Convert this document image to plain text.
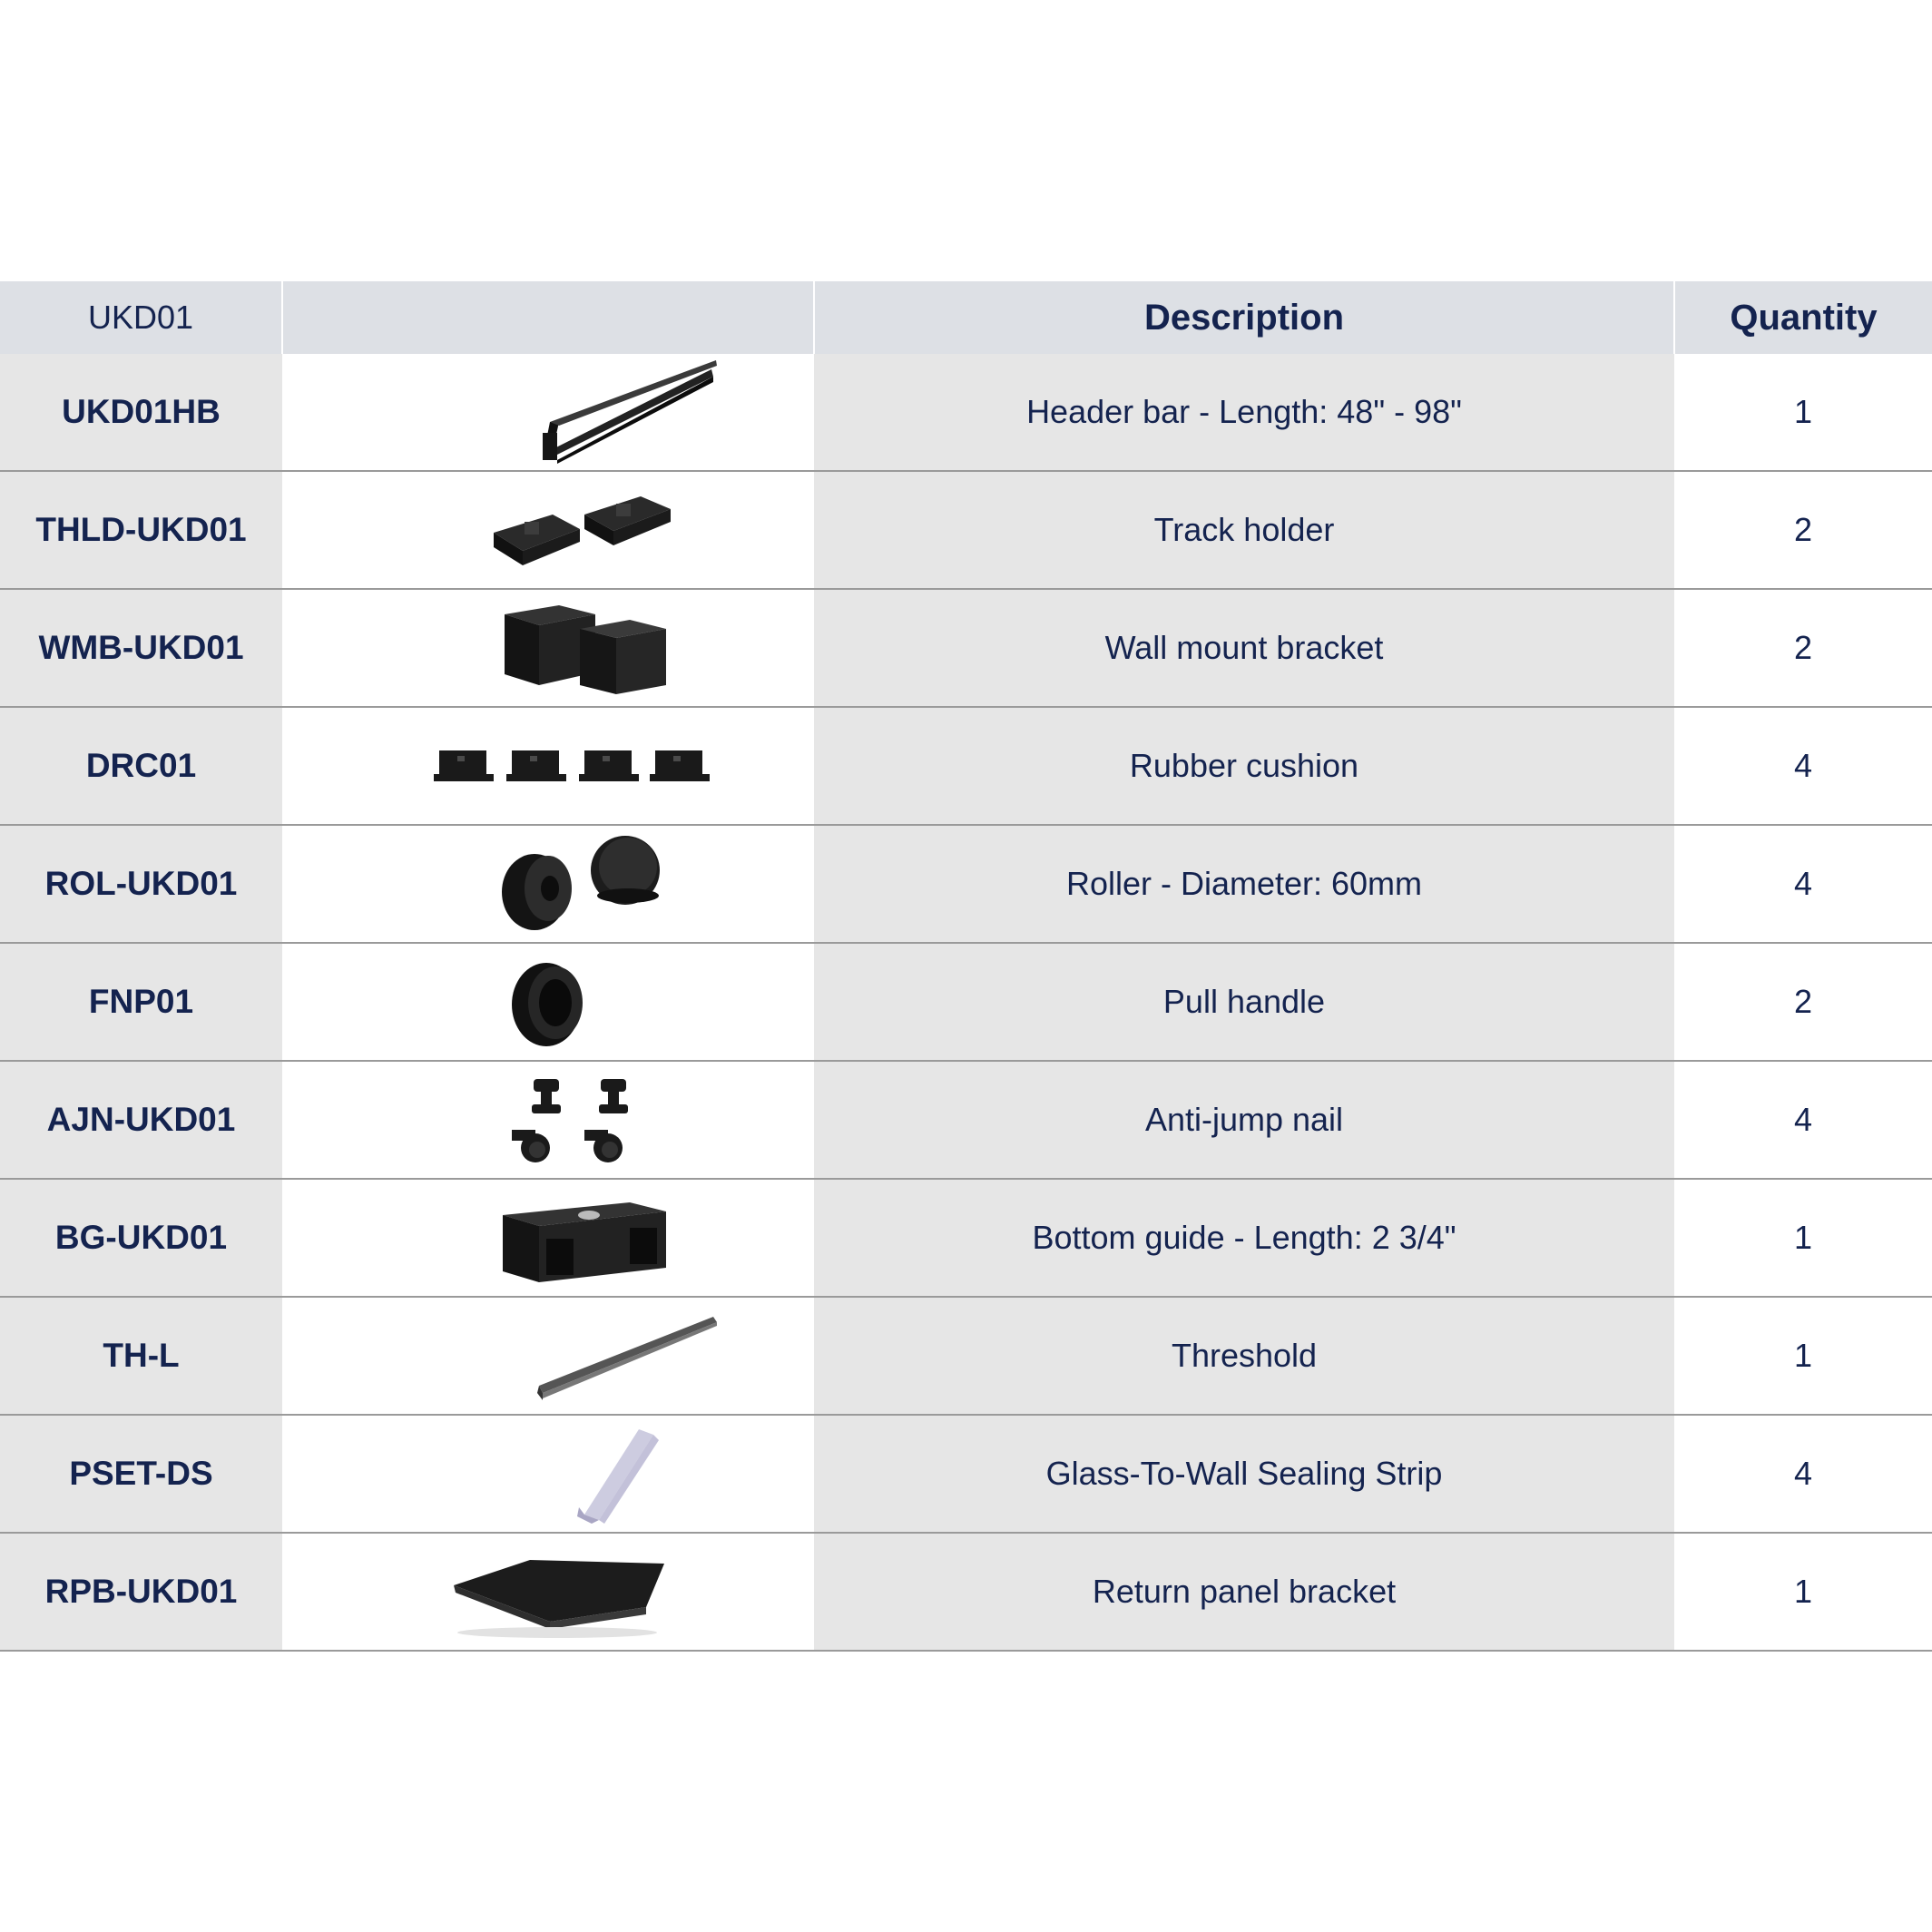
UKD01		Description	Quantity
UKD01HB		Header bar - Length: 48" - 98"	1
THLD-UKD01		Track holder	2
WMB-UKD01		Wall mount bracket	2
DRC01		Rubber cushion	4
ROL-UKD01		Roller - Diameter: 60mm	4
FNP01		Pull handle	2
AJN-UKD01		Anti-jump nail	4
BG-UKD01		Bottom guide - Length: 2 3/4"	1
TH-L		Threshold	1
PSET-DS		Glass-To-Wall Sealing Strip	4
RPB-UKD01		Return panel bracket	1
